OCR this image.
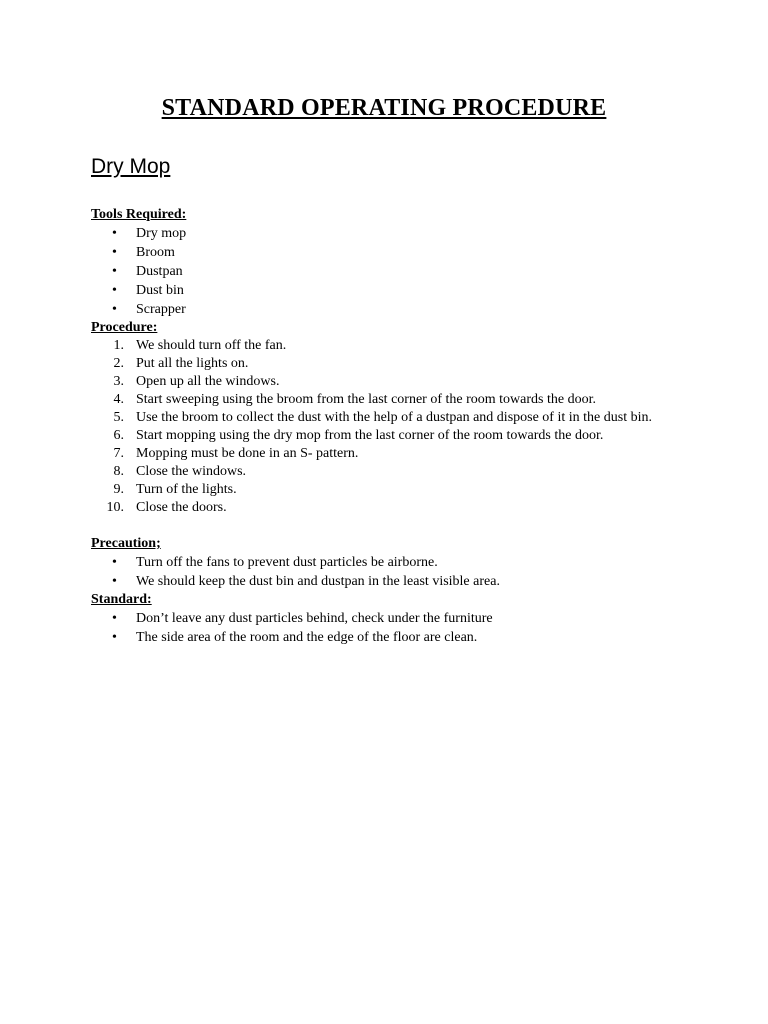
STANDARD OPERATING PROCEDURE
Dry Mop
Tools Required:
• Dry mop
• Broom
• Dustpan
• Dust bin
• Scrapper
Procedure:
1. We should turn off the fan.
2. Put all the lights on.
3. Open up all the windows.
4. Start sweeping using the broom from the last corner of the room towards the door.
5. Use the broom to collect the dust with the help of a dustpan and dispose of it in the dust bin.
6. Start mopping using the dry mop from the last corner of the room towards the door.
7. Mopping must be done in an S- pattern.
8. Close the windows.
9. Turn of the lights.
10. Close the doors.
Precaution;
• Turn off the fans to prevent dust particles be airborne.
• We should keep the dust bin and dustpan in the least visible area.
Standard:
• Don’t leave any dust particles behind, check under the furniture
• The side area of the room and the edge of the floor are clean.
